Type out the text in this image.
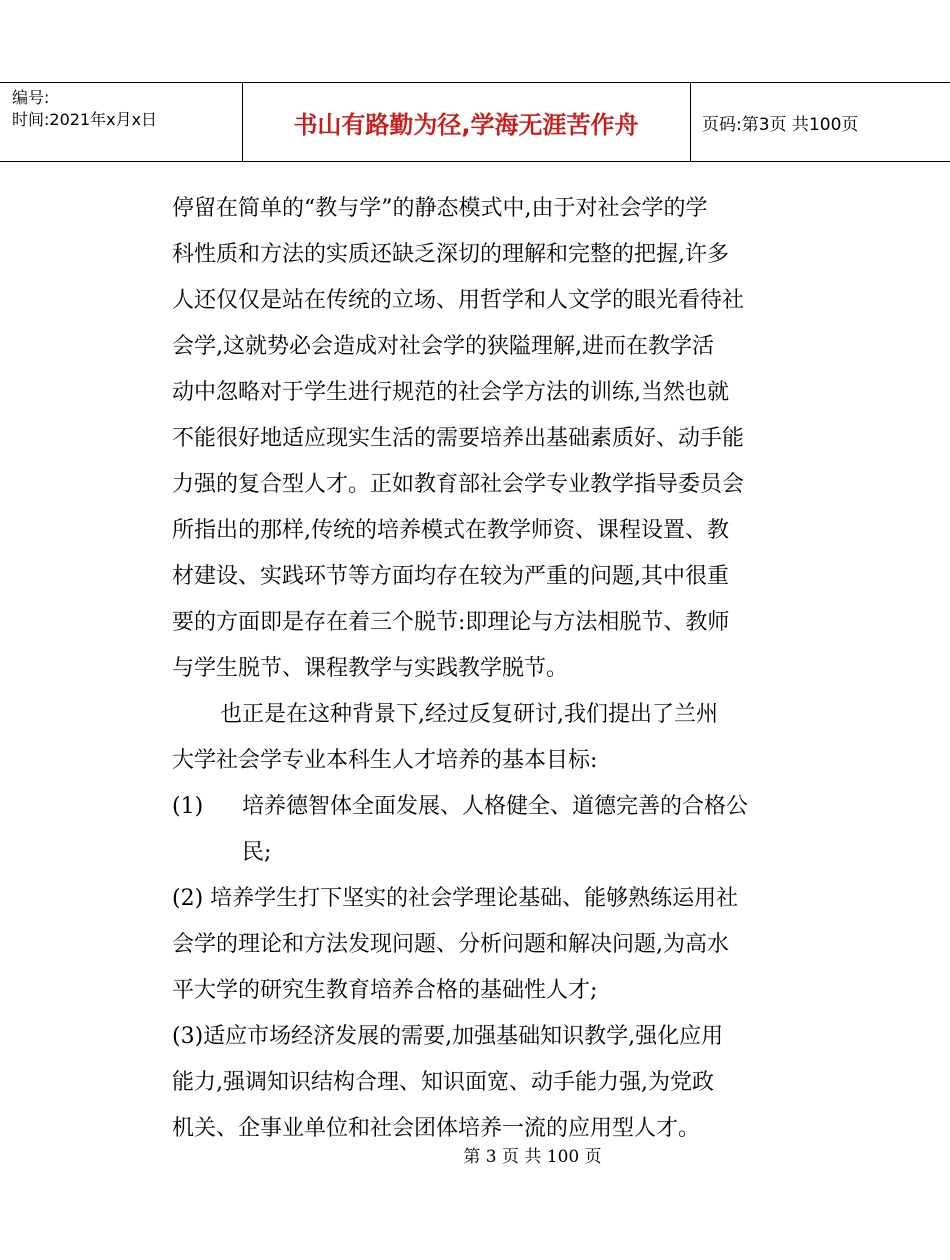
编号:
时间:2021年x月x日	书山有路勤为径,学海无涯苦作舟	页码:第3页 共100页
停留在简单的“教与学”的静态模式中,由于对社会学的学
科性质和方法的实质还缺乏深切的理解和完整的把握,许多
人还仅仅是站在传统的立场、用哲学和人文学的眼光看待社
会学,这就势必会造成对社会学的狭隘理解,进而在教学活
动中忽略对于学生进行规范的社会学方法的训练,当然也就
不能很好地适应现实生活的需要培养出基础素质好、动手能
力强的复合型人才。正如教育部社会学专业教学指导委员会
所指出的那样,传统的培养模式在教学师资、课程设置、教
材建设、实践环节等方面均存在较为严重的问题,其中很重
要的方面即是存在着三个脱节:即理论与方法相脱节、教师
与学生脱节、课程教学与实践教学脱节。
也正是在这种背景下,经过反复研讨,我们提出了兰州
大学社会学专业本科生人才培养的基本目标:
(1)	培养德智体全面发展、人格健全、道德完善的合格公
民;
(2) 培养学生打下坚实的社会学理论基础、能够熟练运用社
会学的理论和方法发现问题、分析问题和解决问题,为高水
平大学的研究生教育培养合格的基础性人才;
(3)适应市场经济发展的需要,加强基础知识教学,强化应用
能力,强调知识结构合理、知识面宽、动手能力强,为党政
机关、企事业单位和社会团体培养一流的应用型人才。
第 3 页 共 100 页
